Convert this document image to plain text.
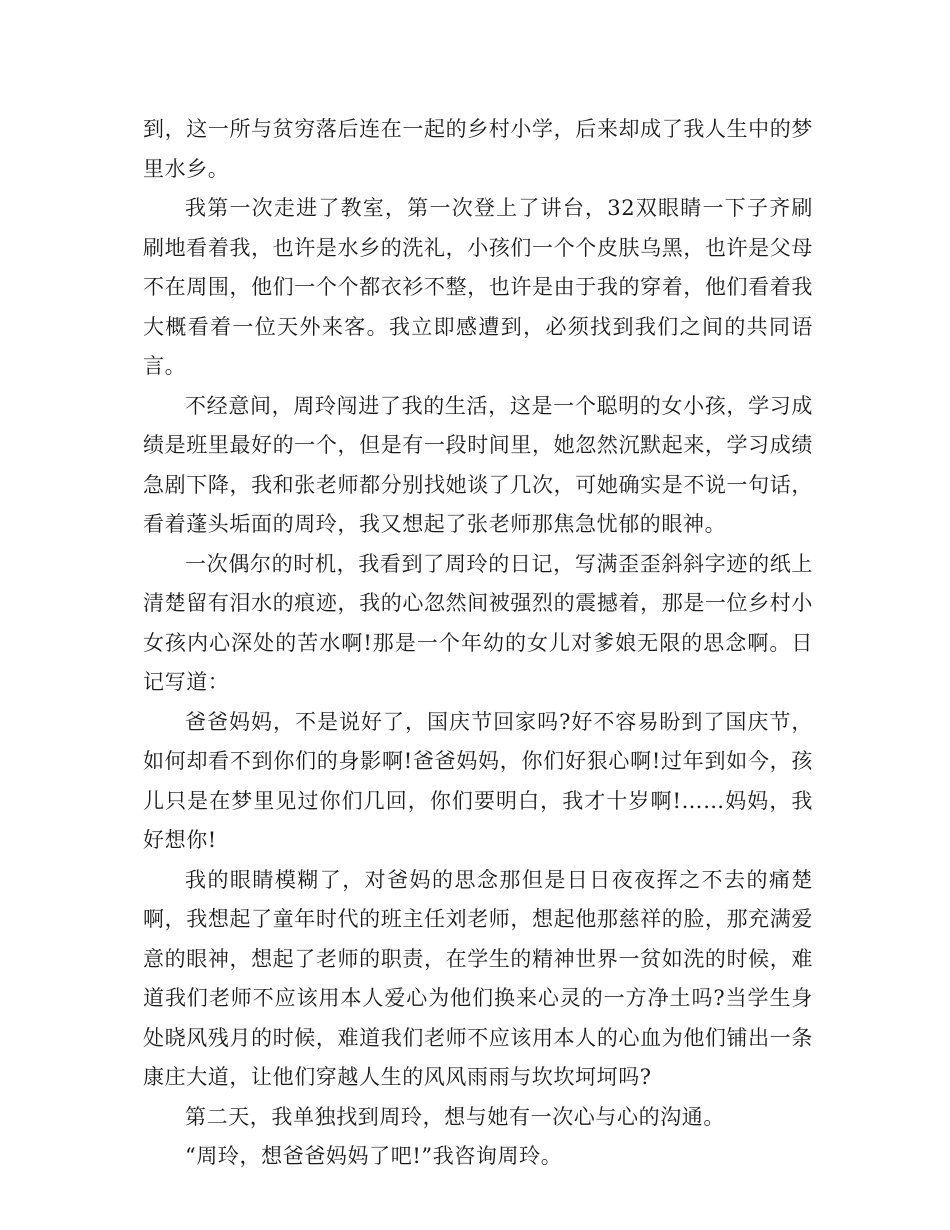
到，这一所与贫穷落后连在一起的乡村小学，后来却成了我人生中的梦里水乡。

我第一次走进了教室，第一次登上了讲台，32双眼睛一下子齐刷刷地看着我，也许是水乡的洗礼，小孩们一个个皮肤乌黑，也许是父母不在周围，他们一个个都衣衫不整，也许是由于我的穿着，他们看着我大概看着一位天外来客。我立即感遭到，必须找到我们之间的共同语言。

不经意间，周玲闯进了我的生活，这是一个聪明的女小孩，学习成绩是班里最好的一个，但是有一段时间里，她忽然沉默起来，学习成绩急剧下降，我和张老师都分别找她谈了几次，可她确实是不说一句话，看着蓬头垢面的周玲，我又想起了张老师那焦急忧郁的眼神。

一次偶尔的时机，我看到了周玲的日记，写满歪歪斜斜字迹的纸上清楚留有泪水的痕迹，我的心忽然间被强烈的震撼着，那是一位乡村小女孩内心深处的苦水啊!那是一个年幼的女儿对爹娘无限的思念啊。日记写道：

爸爸妈妈，不是说好了，国庆节回家吗?好不容易盼到了国庆节，如何却看不到你们的身影啊!爸爸妈妈，你们好狠心啊!过年到如今，孩儿只是在梦里见过你们几回，你们要明白，我才十岁啊!……妈妈，我好想你!

我的眼睛模糊了，对爸妈的思念那但是日日夜夜挥之不去的痛楚啊，我想起了童年时代的班主任刘老师，想起他那慈祥的脸，那充满爱意的眼神，想起了老师的职责，在学生的精神世界一贫如洗的时候，难道我们老师不应该用本人爱心为他们换来心灵的一方净土吗?当学生身处晓风残月的时候，难道我们老师不应该用本人的心血为他们铺出一条康庄大道，让他们穿越人生的风风雨雨与坎坎坷坷吗?

第二天，我单独找到周玲，想与她有一次心与心的沟通。

“周玲，想爸爸妈妈了吧!”我咨询周玲。
